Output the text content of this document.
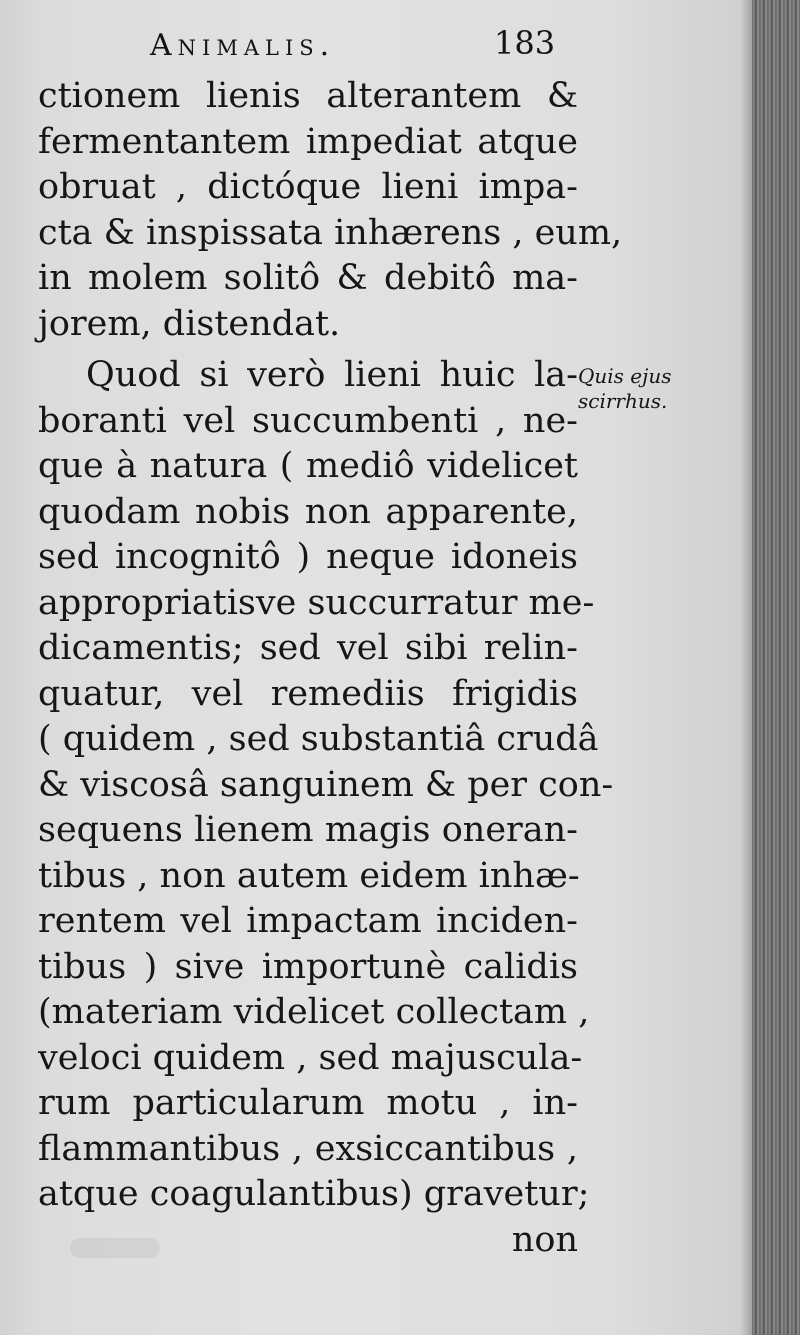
Animalis.	183
ctionem lienis alterantem &
fermentantem impediat atque
obruat , dictóque lieni impa-
cta & inspissata inhærens , eum,
in molem solitô & debitô ma-
jorem, distendat.
Quod si verò lieni huic la-
boranti vel succumbenti , ne-
que à natura ( mediô videlicet
quodam nobis non apparente,
sed incognitô ) neque idoneis
appropriatisve succurratur me-
dicamentis; sed vel sibi relin-
quatur, vel remediis frigidis
( quidem , sed substantiâ crudâ
& viscosâ sanguinem & per con-
sequens lienem magis oneran-
tibus , non autem eidem inhæ-
rentem vel impactam inciden-
tibus ) sive importunè calidis
(materiam videlicet collectam ,
veloci quidem , sed majuscula-
rum particularum motu , in-
flammantibus , exsiccantibus ,
atque coagulantibus) gravetur;
non
Quis ejus
scirrhus.
